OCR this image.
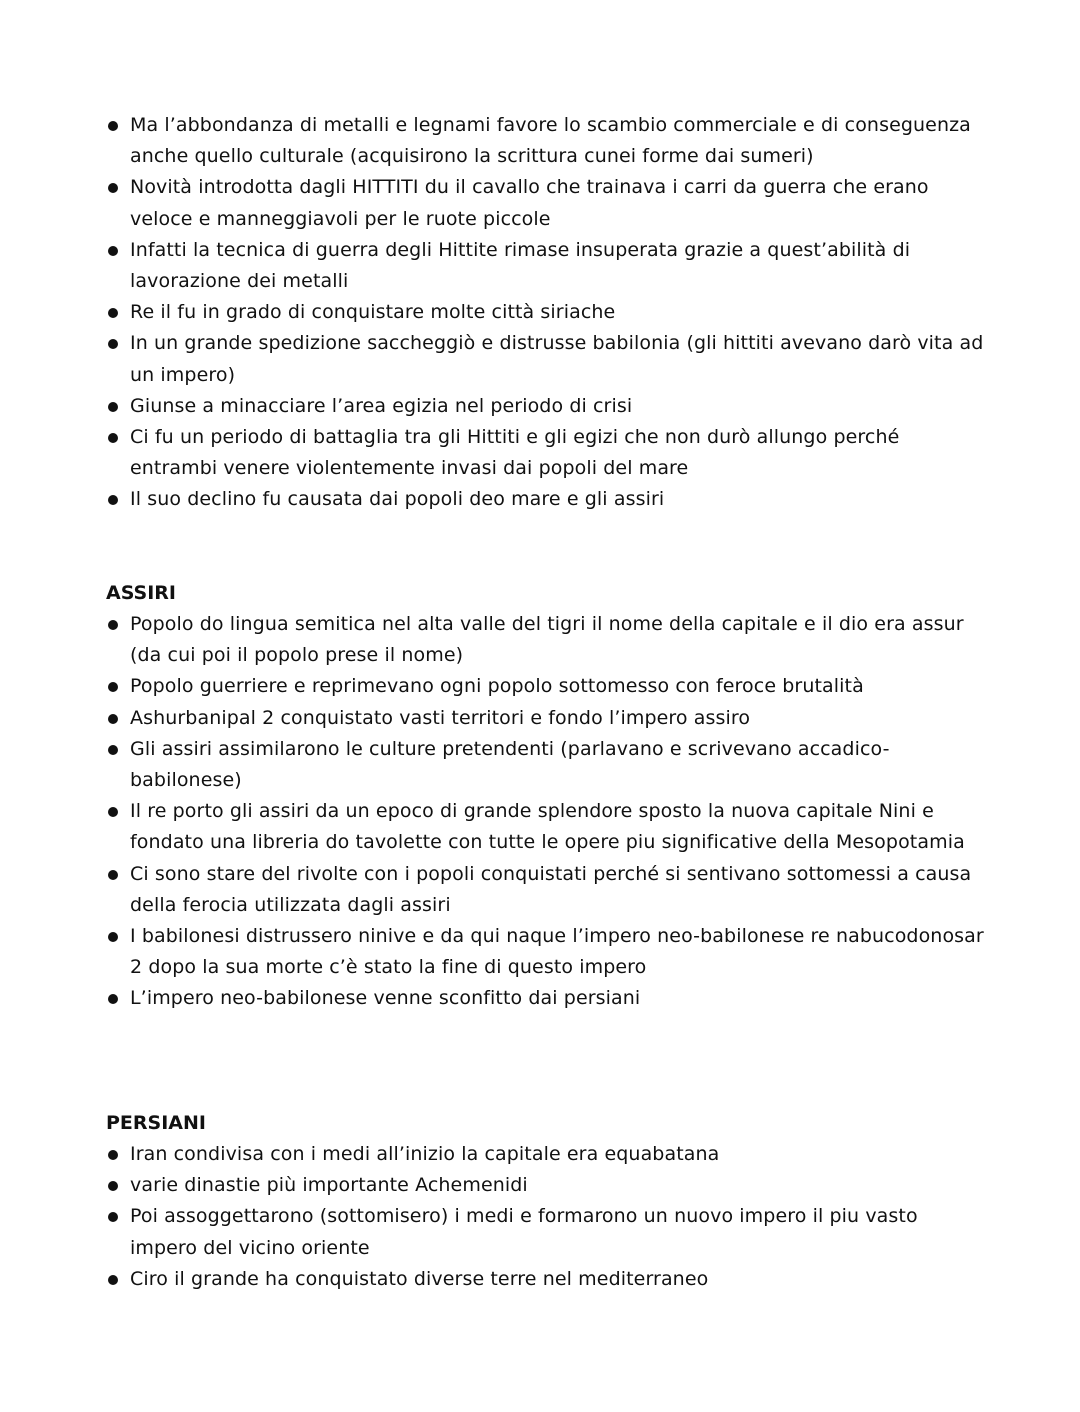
Ma l’abbondanza di metalli e legnami favore lo scambio commerciale e di conseguenza anche quello culturale (acquisirono la scrittura cunei forme dai sumeri)
Novità introdotta dagli HITTITI du il cavallo che trainava i carri da guerra che erano veloce e manneggiavoli per le ruote piccole
Infatti la tecnica di guerra degli Hittite rimase insuperata grazie a quest’abilità di lavorazione dei metalli
Re il fu in grado di conquistare molte città siriache
In un grande spedizione saccheggiò e distrusse babilonia (gli hittiti avevano darò vita ad un impero)
Giunse a minacciare l’area egizia nel periodo di crisi
Ci fu un periodo di battaglia tra gli Hittiti e gli egizi che non durò allungo perché entrambi venere violentemente invasi dai popoli del mare
Il suo declino fu causata dai popoli deo mare e gli assiri
ASSIRI
Popolo do lingua semitica nel alta valle del tigri il nome della capitale e il dio era assur (da cui poi il popolo prese il nome)
Popolo guerriere e reprimevano ogni popolo sottomesso con feroce brutalità
Ashurbanipal 2 conquistato vasti territori e fondo l’impero assiro
Gli assiri assimilarono le culture pretendenti (parlavano e scrivevano accadico-babilonese)
Il re porto gli assiri da un epoco di grande splendore sposto la nuova capitale Nini e fondato una libreria do tavolette con tutte le opere piu significative della Mesopotamia
Ci sono stare del rivolte con i popoli conquistati perché si sentivano sottomessi a causa della ferocia utilizzata dagli assiri
I babilonesi distrussero ninive e da qui naque l’impero neo-babilonese re nabucodonosar 2 dopo la sua morte c’è stato la fine di questo impero
L’impero neo-babilonese venne sconfitto dai persiani
PERSIANI
Iran condivisa con i medi all’inizio la capitale era equabatana
varie dinastie più importante Achemenidi
Poi assoggettarono (sottomisero) i medi e formarono un nuovo impero il piu vasto impero del vicino oriente
Ciro il grande ha conquistato diverse terre nel mediterraneo
